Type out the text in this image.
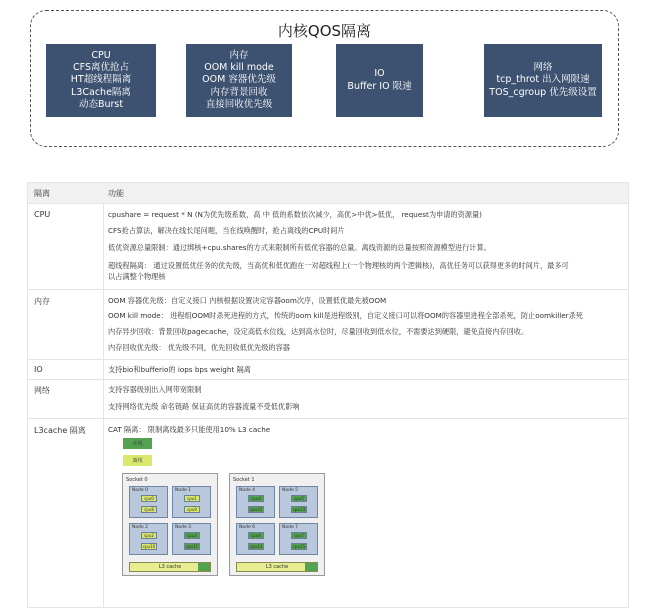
内核QOS隔离
CPU
CFS离优抢占
HT超线程隔离
L3Cache隔离
动态Burst
内存
OOM kill mode
OOM 容器优先级
内存背景回收
直接回收优先级
IO
Buffer IO 限速
网络
tcp_throt 出入网限速
TOS_cgroup 优先级设置
隔离	功能
CPU	cpushare = request * N (N为优先级系数，高 中 低的系数依次减少，高优>中优>低优， request为申请的资源量)
CFS抢占算法，解决在线长尾问题，当在线唤醒时，抢占离线的CPU时间片
低优资源总量限制：通过绑核+cpu.shares的方式来限制所有低优容器的总量。离线资源的总量按照资源模型进行计算。
超线程隔离： 通过设置低优任务的优先级，当高优和低优跑在一对超线程上(一个物理核的两个逻辑核)，高优任务可以获得更多的时间片，最多可
以占满整个物理核
内存	OOM 容器优先级：自定义接口 内核根据设置决定容器oom次序，设置低优最先被OOM
OOM kill mode： 进程组OOM时杀死进程的方式，传统的oom kill是进程级别，自定义接口可以将OOM的容器里进程全部杀死，防止oomkiller杀死
内存异步回收：背景回收pagecache，设定高低水位线，达到高水位时，尽量回收到低水位，不需要达到硬限，避免直接内存回收。
内存回收优先级： 优先级不同，优先回收低优先级的容器
IO	支持bio和bufferio的 iops bps weight 隔离
网络	支持容器级别出入网带宽限制
支持网络优先级 命名链路 保证高优的容器流量不受低优影响
L3cache 隔离	CAT 隔离： 限制离线最多只能使用10% L3 cache
在线
离线
Socket 0
Node 0
cpu0
cpu8
Node 1
cpu1
cpu9
Node 2
cpu2
cpu10
Node 3
cpu3
cpu11
L3 cache
Socket 1
Node 4
cpu4
cpu12
Node 5
cpu5
cpu13
Node 6
cpu6
cpu14
Node 7
cpu7
cpu15
L3 cache
